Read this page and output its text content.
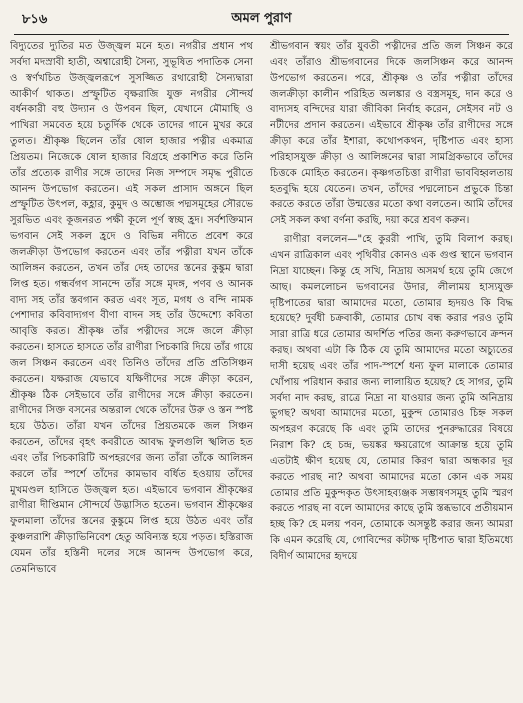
৮১৬	অমল পুরাণ

বিদ্যুতের দ্যুতির মত উজ্জ্বল মনে হত। নগরীর প্রধান পথ সর্বদা মদস্রাবী হাতী, অশ্বারোহী সৈন্য, সুভূষিত পদাতিক সেনা ও স্বর্ণখচিত উজ্জ্বলরূপে সুসজ্জিত রথারোহী সৈন্যদ্বারা আকীর্ণ থাকত। প্রস্ফুটিত বৃক্ষরাজি যুক্ত নগরীর সৌন্দর্য বর্ধনকারী বহু উদ্যান ও উপবন ছিল, যেখানে মৌমাছি ও পাখিরা সমবেত হয়ে চতুর্দিক থেকে তাদের গানে মুখর করে তুলত। শ্রীকৃষ্ণ ছিলেন তাঁর ষোল হাজার পত্নীর একমাত্র প্রিয়তম। নিজেকে ষোল হাজার বিগ্রহে প্রকাশিত করে তিনি তাঁর প্রত্যেক রাণীর সঙ্গে তাদের নিজ সম্পদে সমৃদ্ধ পুরীতে আনন্দ উপভোগ করতেন। এই সকল প্রাসাদ অঙ্গনে ছিল প্রস্ফুটিত উৎপল, কহ্লার, কুমুদ ও অম্ভোজ পদ্মসমূহের সৌরভে সুরভিত এবং কূজনরত পক্ষী কূলে পূর্ণ স্বচ্ছ হ্রদ। সর্বশক্তিমান ভগবান সেই সকল হ্রদে ও বিভিন্ন নদীতে প্রবেশ করে জলক্রীড়া উপভোগ করতেন এবং তাঁর পত্নীরা যখন তাঁকে আলিঙ্গন করতেন, তখন তাঁর দেহ তাদের স্তনের কুঙ্কুম দ্বারা লিপ্ত হত। গন্ধর্বগণ সানন্দে তাঁর সঙ্গে মৃদঙ্গ, পণব ও আনক বাদ্য সহ তাঁর স্তবগান করত এবং সূত, মগধ ও বন্দি নামক পেশাদার কবিবাদ্যগণ বীণা বাদন সহ তাঁর উদ্দেশ্যে কবিতা আবৃত্তি করত। শ্রীকৃষ্ণ তাঁর পত্নীদের সঙ্গে জলে ক্রীড়া করতেন। হাসতে হাসতে তাঁর রাণীরা পিচকারি দিয়ে তাঁর গায়ে জল সিঞ্চন করতেন এবং তিনিও তাঁদের প্রতি প্রতিসিঞ্চন করতেন। যক্ষরাজ যেভাবে যক্ষিণীদের সঙ্গে ক্রীড়া করেন, শ্রীকৃষ্ণ ঠিক সেইভাবে তাঁর রাণীদের সঙ্গে ক্রীড়া করতেন। রাণীদের সিক্ত বসনের অন্তরাল থেকে তাঁদের উরু ও স্তন স্পষ্ট হয়ে উঠত। তাঁরা যখন তাঁদের প্রিয়তমকে জল সিঞ্চন করতেন, তাঁদের বৃহৎ কবরীতে আবদ্ধ ফুলগুলি স্খলিত হত এবং তাঁর পিচকারিটি অপহরণের জন্য তাঁরা তাঁকে আলিঙ্গন করলে তাঁর স্পর্শে তাঁদের কামভাব বর্ধিত হওয়ায় তাঁদের মুখমণ্ডল হাসিতে উজ্জ্বল হত। এইভাবে ভগবান শ্রীকৃষ্ণের রাণীরা দীপ্তিমান সৌন্দর্যে উদ্ভাসিত হতেন। ভগবান শ্রীকৃষ্ণের ফুলমালা তাঁদের স্তনের কুঙ্কুমে লিপ্ত হয়ে উঠত এবং তাঁর কুঞ্চলরাশি ক্রীড়াভিনিবেশ হেতু অবিন্যস্ত হয়ে পড়ত। হস্তিরাজ যেমন তাঁর হস্তিনী দলের সঙ্গে আনন্দ উপভোগ করে, তেমনিভাবে

শ্রীভগবান স্বয়ং তাঁর যুবতী পত্নীদের প্রতি জল সিঞ্চন করে এবং তাঁরাও শ্রীভগবানের দিকে জলসিঞ্চন করে আনন্দ উপভোগ করতেন। পরে, শ্রীকৃষ্ণ ও তাঁর পত্নীরা তাঁদের জলক্রীড়া কালীন পরিহিত অলঙ্কার ও বস্ত্রসমূহ, দান করে ও বাদ্যসহ বন্দিদের যারা জীবিকা নির্বাহ করেন, সেইসব নট ও নটীদের প্রদান করতেন। এইভাবে শ্রীকৃষ্ণ তাঁর রাণীদের সঙ্গে ক্রীড়া করে তাঁর ইশারা, কথোপকথন, দৃষ্টিপাত এবং হাস্য পরিহাসযুক্ত ক্রীড়া ও আলিঙ্গনের দ্বারা সামগ্রিকভাবে তাঁদের চিত্তকে মোহিত করতেন। কৃষ্ণগতচিত্তা রাণীরা ভাববিহ্বলতায় হতবুদ্ধি হয়ে যেতেন। তখন, তাঁদের পদ্মলোচন প্রভুকে চিন্তা করতে করতে তাঁরা উন্মত্তের মতো কথা বলতেন। আমি তাঁদের সেই সকল কথা বর্ণনা করছি, দয়া করে শ্রবণ করুন।

রাণীরা বললেন—"হে কুররী পাখি, তুমি বিলাপ করছ। এখন রাত্রিকাল এবং পৃথিবীর কোনও এক গুপ্ত স্থানে ভগবান নিদ্রা যাচ্ছেন। কিন্তু হে সখি, নিদ্রায় অসমর্থ হয়ে তুমি জেগে আছ। কমললোচন ভগবানের উদার, লীলাময় হাস্যযুক্ত দৃষ্টিপাতের দ্বারা আমাদের মতো, তোমার হৃদয়ও কি বিদ্ধ হয়েছে? দুর্বধী চক্রবাকী, তোমার চোখ বন্ধ করার পরও তুমি সারা রাত্রি ধরে তোমার অদর্শিত পতির জন্য করুণভাবে ক্রন্দন করছ। অথবা এটা কি ঠিক যে তুমি আমাদের মতো অচ্যুতের দাসী হয়েছ এবং তাঁর পাদ-স্পর্শে ধন্য ফুল মালাকে তোমার খোঁপায় পরিধান করার জন্য লালায়িত হয়েছ? হে সাগর, তুমি সর্বদা নাদ করছ, রাত্রে নিদ্রা না যাওয়ার জন্য তুমি অনিদ্রায় ভুগছ? অথবা আমাদের মতো, মুকুন্দ তোমারও চিহ্ন সকল অপহরণ করেছে কি এবং তুমি তাদের পুনরুদ্ধারের বিষয়ে নিরাশ কি? হে চন্দ্র, ভয়ঙ্কর ক্ষয়রোগে আক্রান্ত হয়ে তুমি এতটাই ক্ষীণ হয়েছ যে, তোমার কিরণ দ্বারা অন্ধকার দূর করতে পারছ না? অথবা আমাদের মতো কোন এক সময় তোমার প্রতি মুকুন্দকৃত উৎসাহব্যঞ্জক সম্ভাষণসমূহ তুমি স্মরণ করতে পারছ না বলে আমাদের কাছে তুমি স্তব্ধভাবে প্রতীয়মান হচ্ছ কি? হে মলয় পবন, তোমাকে অসন্তুষ্ট করার জন্য আমরা কি এমন করেছি যে, গোবিন্দের কটাক্ষ দৃষ্টিপাত দ্বারা ইতিমধ্যে বিদীর্ণ আমাদের হৃদয়ে
